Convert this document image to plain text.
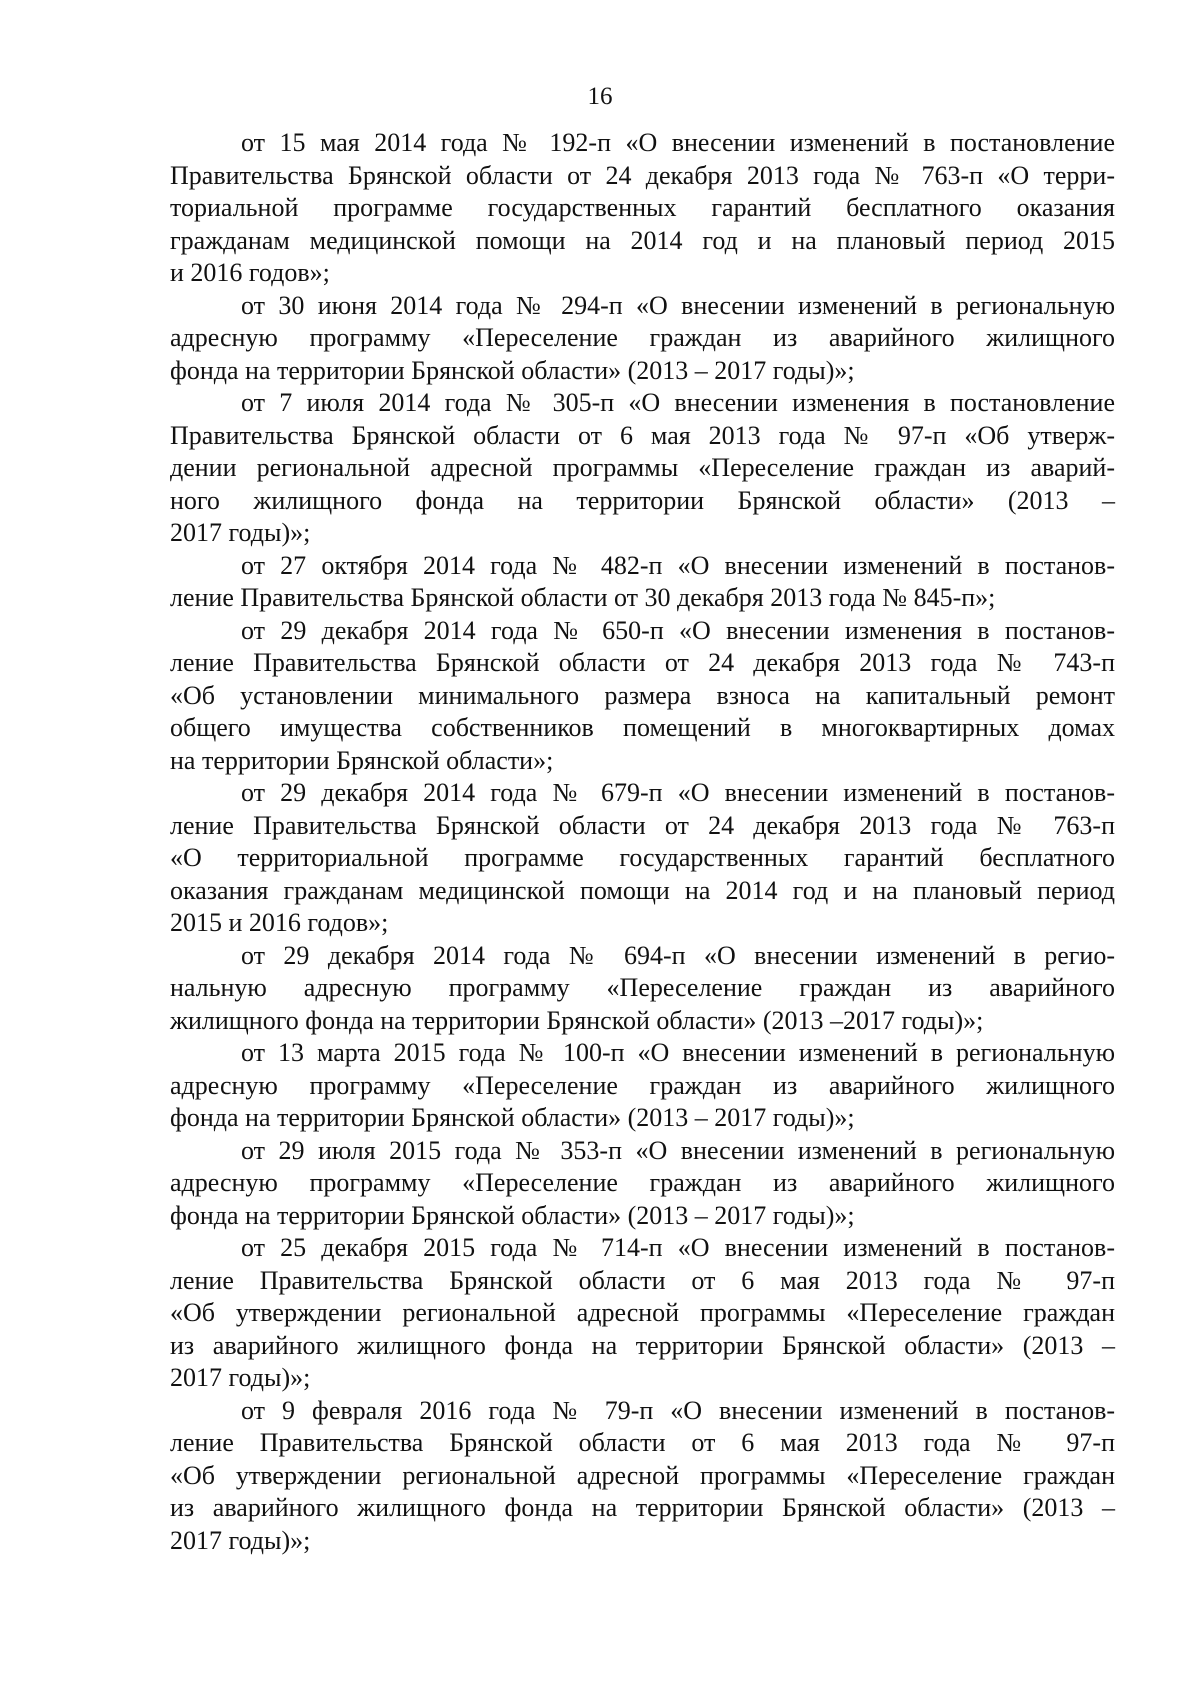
16
от 15 мая 2014 года № 192-п «О внесении изменений в постановление
Правительства Брянской области от 24 декабря 2013 года № 763-п «О терри-
ториальной программе государственных гарантий бесплатного оказания
гражданам медицинской помощи на 2014 год и на плановый период 2015
и 2016 годов»;
от 30 июня 2014 года № 294-п «О внесении изменений в региональную
адресную программу «Переселение граждан из аварийного жилищного
фонда на территории Брянской области» (2013 – 2017 годы)»;
от 7 июля 2014 года № 305-п «О внесении изменения в постановление
Правительства Брянской области от 6 мая 2013 года № 97-п «Об утверж-
дении региональной адресной программы «Переселение граждан из аварий-
ного жилищного фонда на территории Брянской области» (2013 –
2017 годы)»;
от 27 октября 2014 года № 482-п «О внесении изменений в постанов-
ление Правительства Брянской области от 30 декабря 2013 года № 845-п»;
от 29 декабря 2014 года № 650-п «О внесении изменения в постанов-
ление Правительства Брянской области от 24 декабря 2013 года № 743-п
«Об установлении минимального размера взноса на капитальный ремонт
общего имущества собственников помещений в многоквартирных домах
на территории Брянской области»;
от 29 декабря 2014 года № 679-п «О внесении изменений в постанов-
ление Правительства Брянской области от 24 декабря 2013 года № 763-п
«О территориальной программе государственных гарантий бесплатного
оказания гражданам медицинской помощи на 2014 год и на плановый период
2015 и 2016 годов»;
от 29 декабря 2014 года № 694-п «О внесении изменений в регио-
нальную адресную программу «Переселение граждан из аварийного
жилищного фонда на территории Брянской области» (2013 –2017 годы)»;
от 13 марта 2015 года № 100-п «О внесении изменений в региональную
адресную программу «Переселение граждан из аварийного жилищного
фонда на территории Брянской области» (2013 – 2017 годы)»;
от 29 июля 2015 года № 353-п «О внесении изменений в региональную
адресную программу «Переселение граждан из аварийного жилищного
фонда на территории Брянской области» (2013 – 2017 годы)»;
от 25 декабря 2015 года № 714-п «О внесении изменений в постанов-
ление Правительства Брянской области от 6 мая 2013 года № 97-п
«Об утверждении региональной адресной программы «Переселение граждан
из аварийного жилищного фонда на территории Брянской области» (2013 –
2017 годы)»;
от 9 февраля 2016 года № 79-п «О внесении изменений в постанов-
ление Правительства Брянской области от 6 мая 2013 года № 97-п
«Об утверждении региональной адресной программы «Переселение граждан
из аварийного жилищного фонда на территории Брянской области» (2013 –
2017 годы)»;
